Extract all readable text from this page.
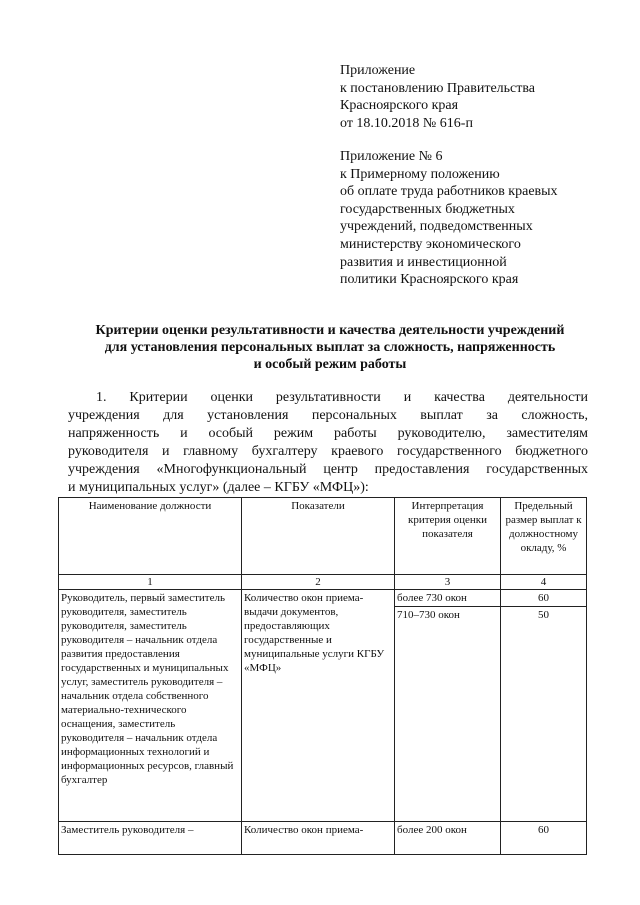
Приложение
к постановлению Правительства
Красноярского края
от 18.10.2018 № 616-п
Приложение № 6
к Примерному положению
об оплате труда работников краевых
государственных бюджетных
учреждений, подведомственных
министерству экономического
развития и инвестиционной
политики Красноярского края
Критерии оценки результативности и качества деятельности учреждений
для установления персональных выплат за сложность, напряженность
и особый режим работы
1. Критерии оценки результативности и качества деятельности
учреждения для установления персональных выплат за сложность,
напряженность и особый режим работы руководителю, заместителям
руководителя и главному бухгалтеру краевого государственного бюджетного
учреждения «Многофункциональный центр предоставления государственных
и муниципальных услуг» (далее – КГБУ «МФЦ»):
Наименование должности	Показатели	Интерпретация критерия оценки показателя	Предельный размер выплат к должностному окладу, %
1	2	3	4
Руководитель, первый заместитель руководителя, заместитель руководителя, заместитель руководителя – начальник отдела развития предоставления государственных и муниципальных услуг, заместитель руководителя – начальник отдела собственного материально-технического оснащения, заместитель руководителя – начальник отдела информационных технологий и информационных ресурсов, главный бухгалтер	Количество окон приема-выдачи документов, предоставляющих государственные и муниципальные услуги КГБУ «МФЦ»	более 730 окон	60
		710–730 окон	50
Заместитель руководителя –	Количество окон приема-	более 200 окон	60
